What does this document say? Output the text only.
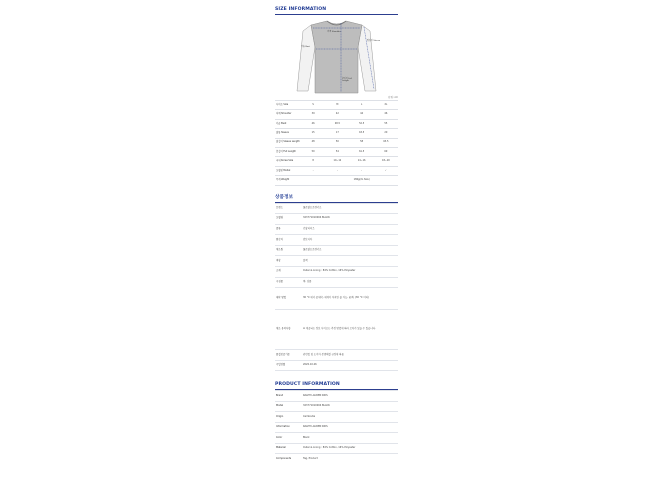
SIZE INFORMATION
어깨 Shoulder
가슴 Bust
팔길이 Sleeve
총길이 Full Length
단위: cm
사이즈 Size	S	M	L	XL
어깨 Shoulder	39	42	44	46
가슴 Bust	46	48.5	52.5	55
팔통 Sleeve	15	17	18.5	20
팔길이 Sleeve Length	48	50	58	63.5
총길이 Full Length	50	54	61.5	69
국내 Korea Size	8	10~12	14~16	18~20
모델핏 Model	-	-	-	✓
무게 Weight			186g(XL Size)	
상품정보
브랜드	폴로랄프로렌키즈
모델명	323771010004 BLACK
종류	긴팔티셔츠
원산지	캄보디아
제조원	폴로랄프로렌키즈
색상	블랙
소재	Outer & Lining : 84% Cotton, 16% Polyester
구성품	택, 상품
세탁 방법	30 °C 에서 중세탁, 세제가 부착된 물 가능, 표백, (30 °C 이하)
제조 유의사항	※ 제공되는 정보 사이즈는 측정 방법에 따라 오차가 있을 수 있습니다.
품질보증기준	관련법 및 소비자 분쟁해결 규정에 따름
수입연월	2020.10.26
PRODUCT INFORMATION
Brand	RALPH LAUREN KIDS
Model	323771010004 BLACK
Origin	Cambodia
Information	RALPH LAUREN KIDS
Color	Black
Material	Outer & Lining : 84% Cotton, 16% Polyester
Components	Tag, Product
